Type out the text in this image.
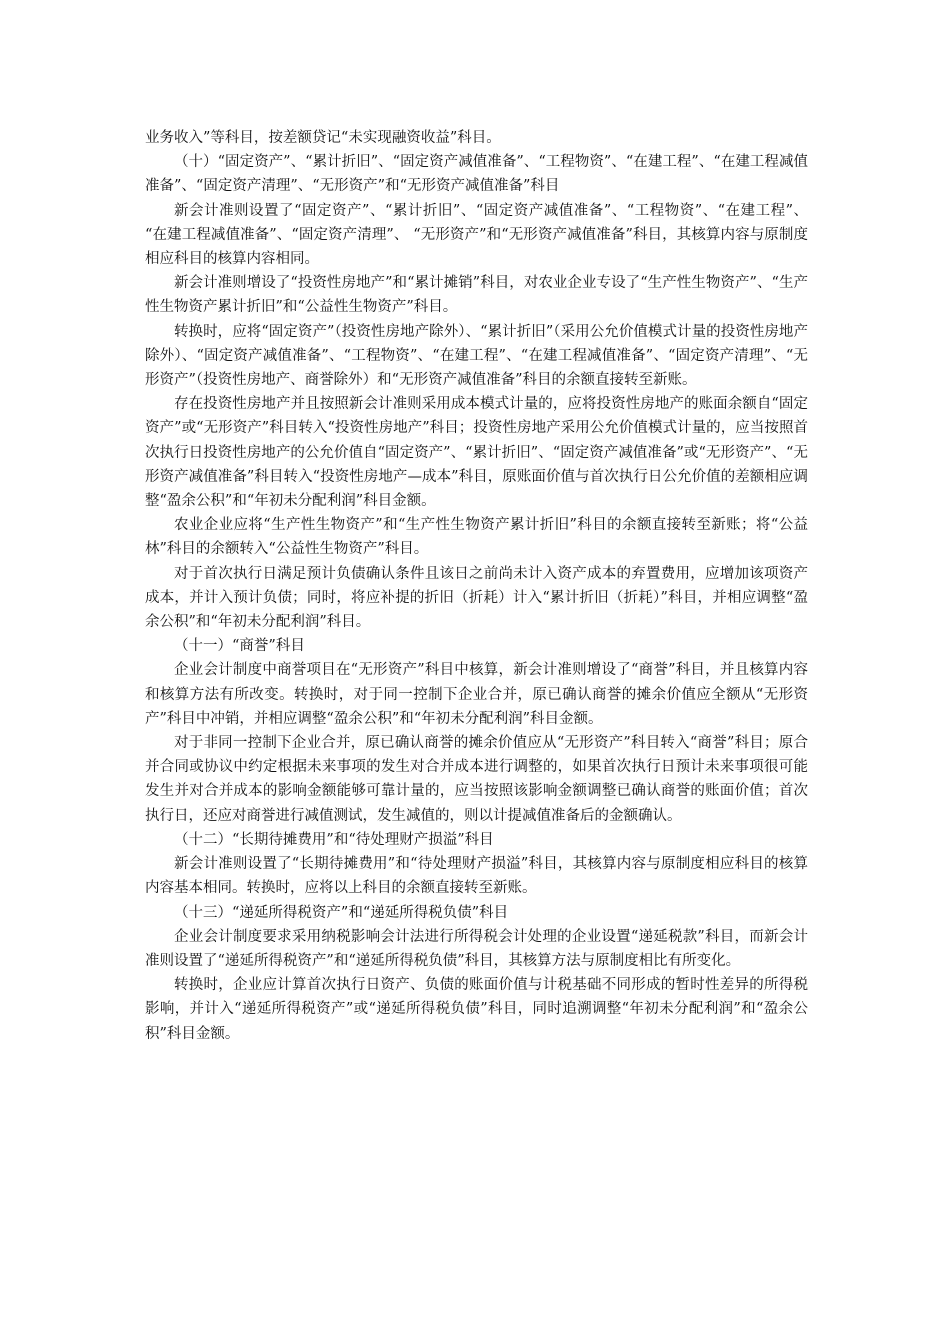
业务收入”等科目，按差额贷记“未实现融资收益”科目。

（十）“固定资产”、“累计折旧”、“固定资产减值准备”、“工程物资”、“在建工程”、“在建工程减值准备”、“固定资产清理”、“无形资产”和“无形资产减值准备”科目

新会计准则设置了“固定资产”、“累计折旧”、“固定资产减值准备”、“工程物资”、“在建工程”、 “在建工程减值准备”、“固定资产清理”、 “无形资产”和“无形资产减值准备”科目，其核算内容与原制度相应科目的核算内容相同。

新会计准则增设了“投资性房地产”和“累计摊销”科目，对农业企业专设了“生产性生物资产”、“生产性生物资产累计折旧”和“公益性生物资产”科目。

转换时，应将“固定资产”（投资性房地产除外）、“累计折旧”（采用公允价值模式计量的投资性房地产除外）、“固定资产减值准备”、“工程物资”、“在建工程”、“在建工程减值准备”、“固定资产清理”、“无形资产”（投资性房地产、商誉除外）和“无形资产减值准备”科目的余额直接转至新账。

存在投资性房地产并且按照新会计准则采用成本模式计量的，应将投资性房地产的账面余额自“固定资产”或“无形资产”科目转入“投资性房地产”科目；投资性房地产采用公允价值模式计量的，应当按照首次执行日投资性房地产的公允价值自“固定资产”、“累计折旧”、“固定资产减值准备”或“无形资产”、“无形资产减值准备”科目转入“投资性房地产—成本”科目，原账面价值与首次执行日公允价值的差额相应调整“盈余公积”和“年初未分配利润”科目金额。

农业企业应将“生产性生物资产”和“生产性生物资产累计折旧”科目的余额直接转至新账；将“公益林”科目的余额转入“公益性生物资产”科目。

对于首次执行日满足预计负债确认条件且该日之前尚未计入资产成本的弃置费用，应增加该项资产成本，并计入预计负债；同时，将应补提的折旧（折耗）计入“累计折旧（折耗）”科目，并相应调整“盈余公积”和“年初未分配利润”科目。

（十一）“商誉”科目

企业会计制度中商誉项目在“无形资产”科目中核算，新会计准则增设了“商誉”科目，并且核算内容和核算方法有所改变。转换时，对于同一控制下企业合并，原已确认商誉的摊余价值应全额从“无形资产”科目中冲销，并相应调整“盈余公积”和“年初未分配利润”科目金额。

对于非同一控制下企业合并，原已确认商誉的摊余价值应从“无形资产”科目转入“商誉”科目；原合并合同或协议中约定根据未来事项的发生对合并成本进行调整的，如果首次执行日预计未来事项很可能发生并对合并成本的影响金额能够可靠计量的，应当按照该影响金额调整已确认商誉的账面价值；首次执行日，还应对商誉进行减值测试，发生减值的，则以计提减值准备后的金额确认。

（十二）“长期待摊费用”和“待处理财产损溢”科目

新会计准则设置了“长期待摊费用”和“待处理财产损溢”科目，其核算内容与原制度相应科目的核算内容基本相同。转换时，应将以上科目的余额直接转至新账。

（十三）“递延所得税资产”和“递延所得税负债”科目

企业会计制度要求采用纳税影响会计法进行所得税会计处理的企业设置“递延税款”科目，而新会计准则设置了“递延所得税资产”和“递延所得税负债”科目，其核算方法与原制度相比有所变化。

转换时，企业应计算首次执行日资产、负债的账面价值与计税基础不同形成的暂时性差异的所得税影响，并计入“递延所得税资产”或“递延所得税负债”科目，同时追溯调整“年初未分配利润”和“盈余公积”科目金额。
